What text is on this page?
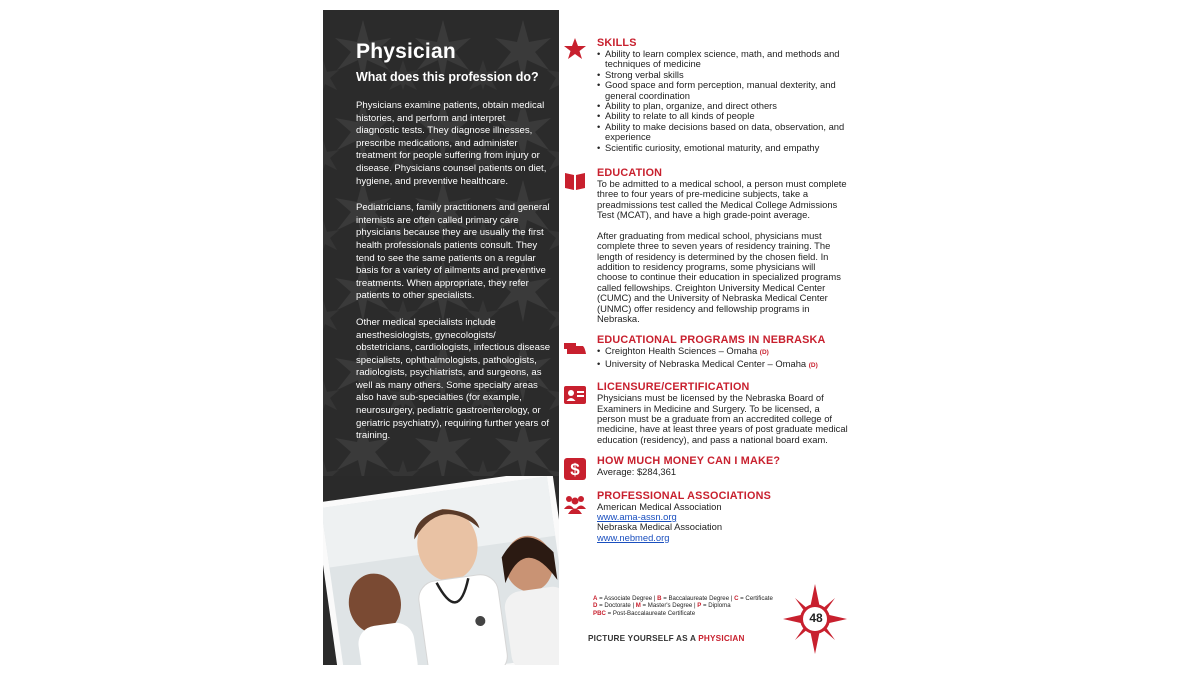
Physician
What does this profession do?

Physicians examine patients, obtain medical histories, and perform and interpret diagnostic tests. They diagnose illnesses, prescribe medications, and administer treatment for people suffering from injury or disease. Physicians counsel patients on diet, hygiene, and preventive healthcare.

Pediatricians, family practitioners and general internists are often called primary care physicians because they are usually the first health professionals patients consult. They tend to see the same patients on a regular basis for a variety of ailments and preventive treatments. When appropriate, they refer patients to other specialists.

Other medical specialists include anesthesiologists, gynecologists/ obstetricians, cardiologists, infectious disease specialists, ophthalmologists, pathologists, radiologists, psychiatrists, and surgeons, as well as many others. Some specialty areas also have sub-specialties (for example, neurosurgery, pediatric gastroenterology, or geriatric psychiatry), requiring further years of training.

SKILLS
• Ability to learn complex science, math, and methods and techniques of medicine
• Strong verbal skills
• Good space and form perception, manual dexterity, and general coordination
• Ability to plan, organize, and direct others
• Ability to relate to all kinds of people
• Ability to make decisions based on data, observation, and experience
• Scientific curiosity, emotional maturity, and empathy
EDUCATION

To be admitted to a medical school, a person must complete three to four years of pre-medicine subjects, take a preadmissions test called the Medical College Admissions Test (MCAT), and have a high grade-point average.

After graduating from medical school, physicians must complete three to seven years of residency training. The length of residency is determined by the chosen field. In addition to residency programs, some physicians will choose to continue their education in specialized programs called fellowships. Creighton University Medical Center (CUMC) and the University of Nebraska Medical Center (UNMC) offer residency and fellowship programs in Nebraska.

EDUCATIONAL PROGRAMS IN NEBRASKA
• Creighton Health Sciences – Omaha (D)
• University of Nebraska Medical Center – Omaha (D)
LICENSURE/CERTIFICATION

Physicians must be licensed by the Nebraska Board of Examiners in Medicine and Surgery. To be licensed, a person must be a graduate from an accredited college of medicine, have at least three years of post graduate medical education (residency), and pass a national board exam.

$ HOW MUCH MONEY CAN I MAKE?

Average: $284,361

PROFESSIONAL ASSOCIATIONS
American Medical Association
www.ama-assn.org
Nebraska Medical Association
www.nebmed.org
A = Associate Degree | B = Baccalaureate Degree | C = Certificate
D = Doctorate | M = Master's Degree | P = Diploma
PBC = Post-Baccalaureate Certificate
PICTURE YOURSELF AS A PHYSICIAN
48
